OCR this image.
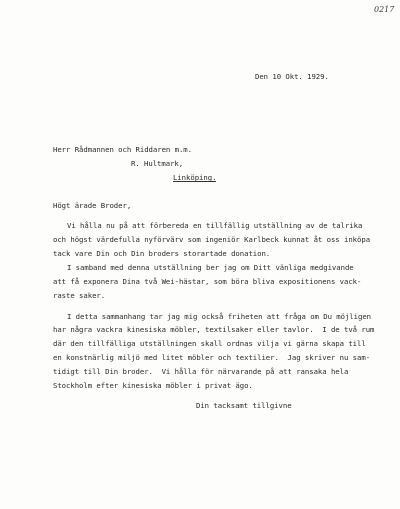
0217
Den 10 Okt. 1929.
Herr Rådmannen och Riddaren m.m.
R. Hultmark,
Linköping.
Högt ärade Broder,
Vi hålla nu på att förbereda en tillfällig utställning av de talrika
och högst värdefulla nyförvärv som ingeniör Karlbeck kunnat åt oss inköpa
tack vare Din och Din broders storartade donation.
I samband med denna utställning ber jag om Ditt vänliga medgivande
att få exponera Dina två Wei-hästar, som böra bliva expositionens vack-
raste saker.
I detta sammanhang tar jag mig också friheten att fråga om Du möjligen
har några vackra kinesiska möbler, textilsaker eller tavlor.  I de två rum
där den tillfälliga utställningen skall ordnas vilja vi gärna skapa till
en konstnärlig miljö med litet möbler och textilier.  Jag skriver nu sam-
tidigt till Din broder.  Vi hålla för närvarande på att ransaka hela
Stockholm efter kinesiska möbler i privat ägo.
Din tacksamt tillgivne
